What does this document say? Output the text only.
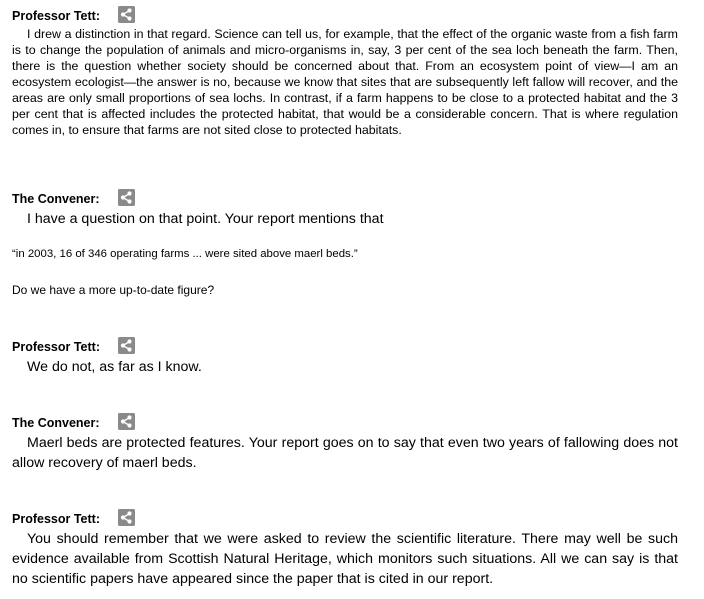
Professor Tett:
I drew a distinction in that regard. Science can tell us, for example, that the effect of the organic waste from a fish farm is to change the population of animals and micro-organisms in, say, 3 per cent of the sea loch beneath the farm. Then, there is the question whether society should be concerned about that. From an ecosystem point of view—I am an ecosystem ecologist—the answer is no, because we know that sites that are subsequently left fallow will recover, and the areas are only small proportions of sea lochs. In contrast, if a farm happens to be close to a protected habitat and the 3 per cent that is affected includes the protected habitat, that would be a considerable concern. That is where regulation comes in, to ensure that farms are not sited close to protected habitats.
The Convener:
I have a question on that point. Your report mentions that
“in 2003, 16 of 346 operating farms ... were sited above maerl beds.”
Do we have a more up-to-date figure?
Professor Tett:
We do not, as far as I know.
The Convener:
Maerl beds are protected features. Your report goes on to say that even two years of fallowing does not allow recovery of maerl beds.
Professor Tett:
You should remember that we were asked to review the scientific literature. There may well be such evidence available from Scottish Natural Heritage, which monitors such situations. All we can say is that no scientific papers have appeared since the paper that is cited in our report.
